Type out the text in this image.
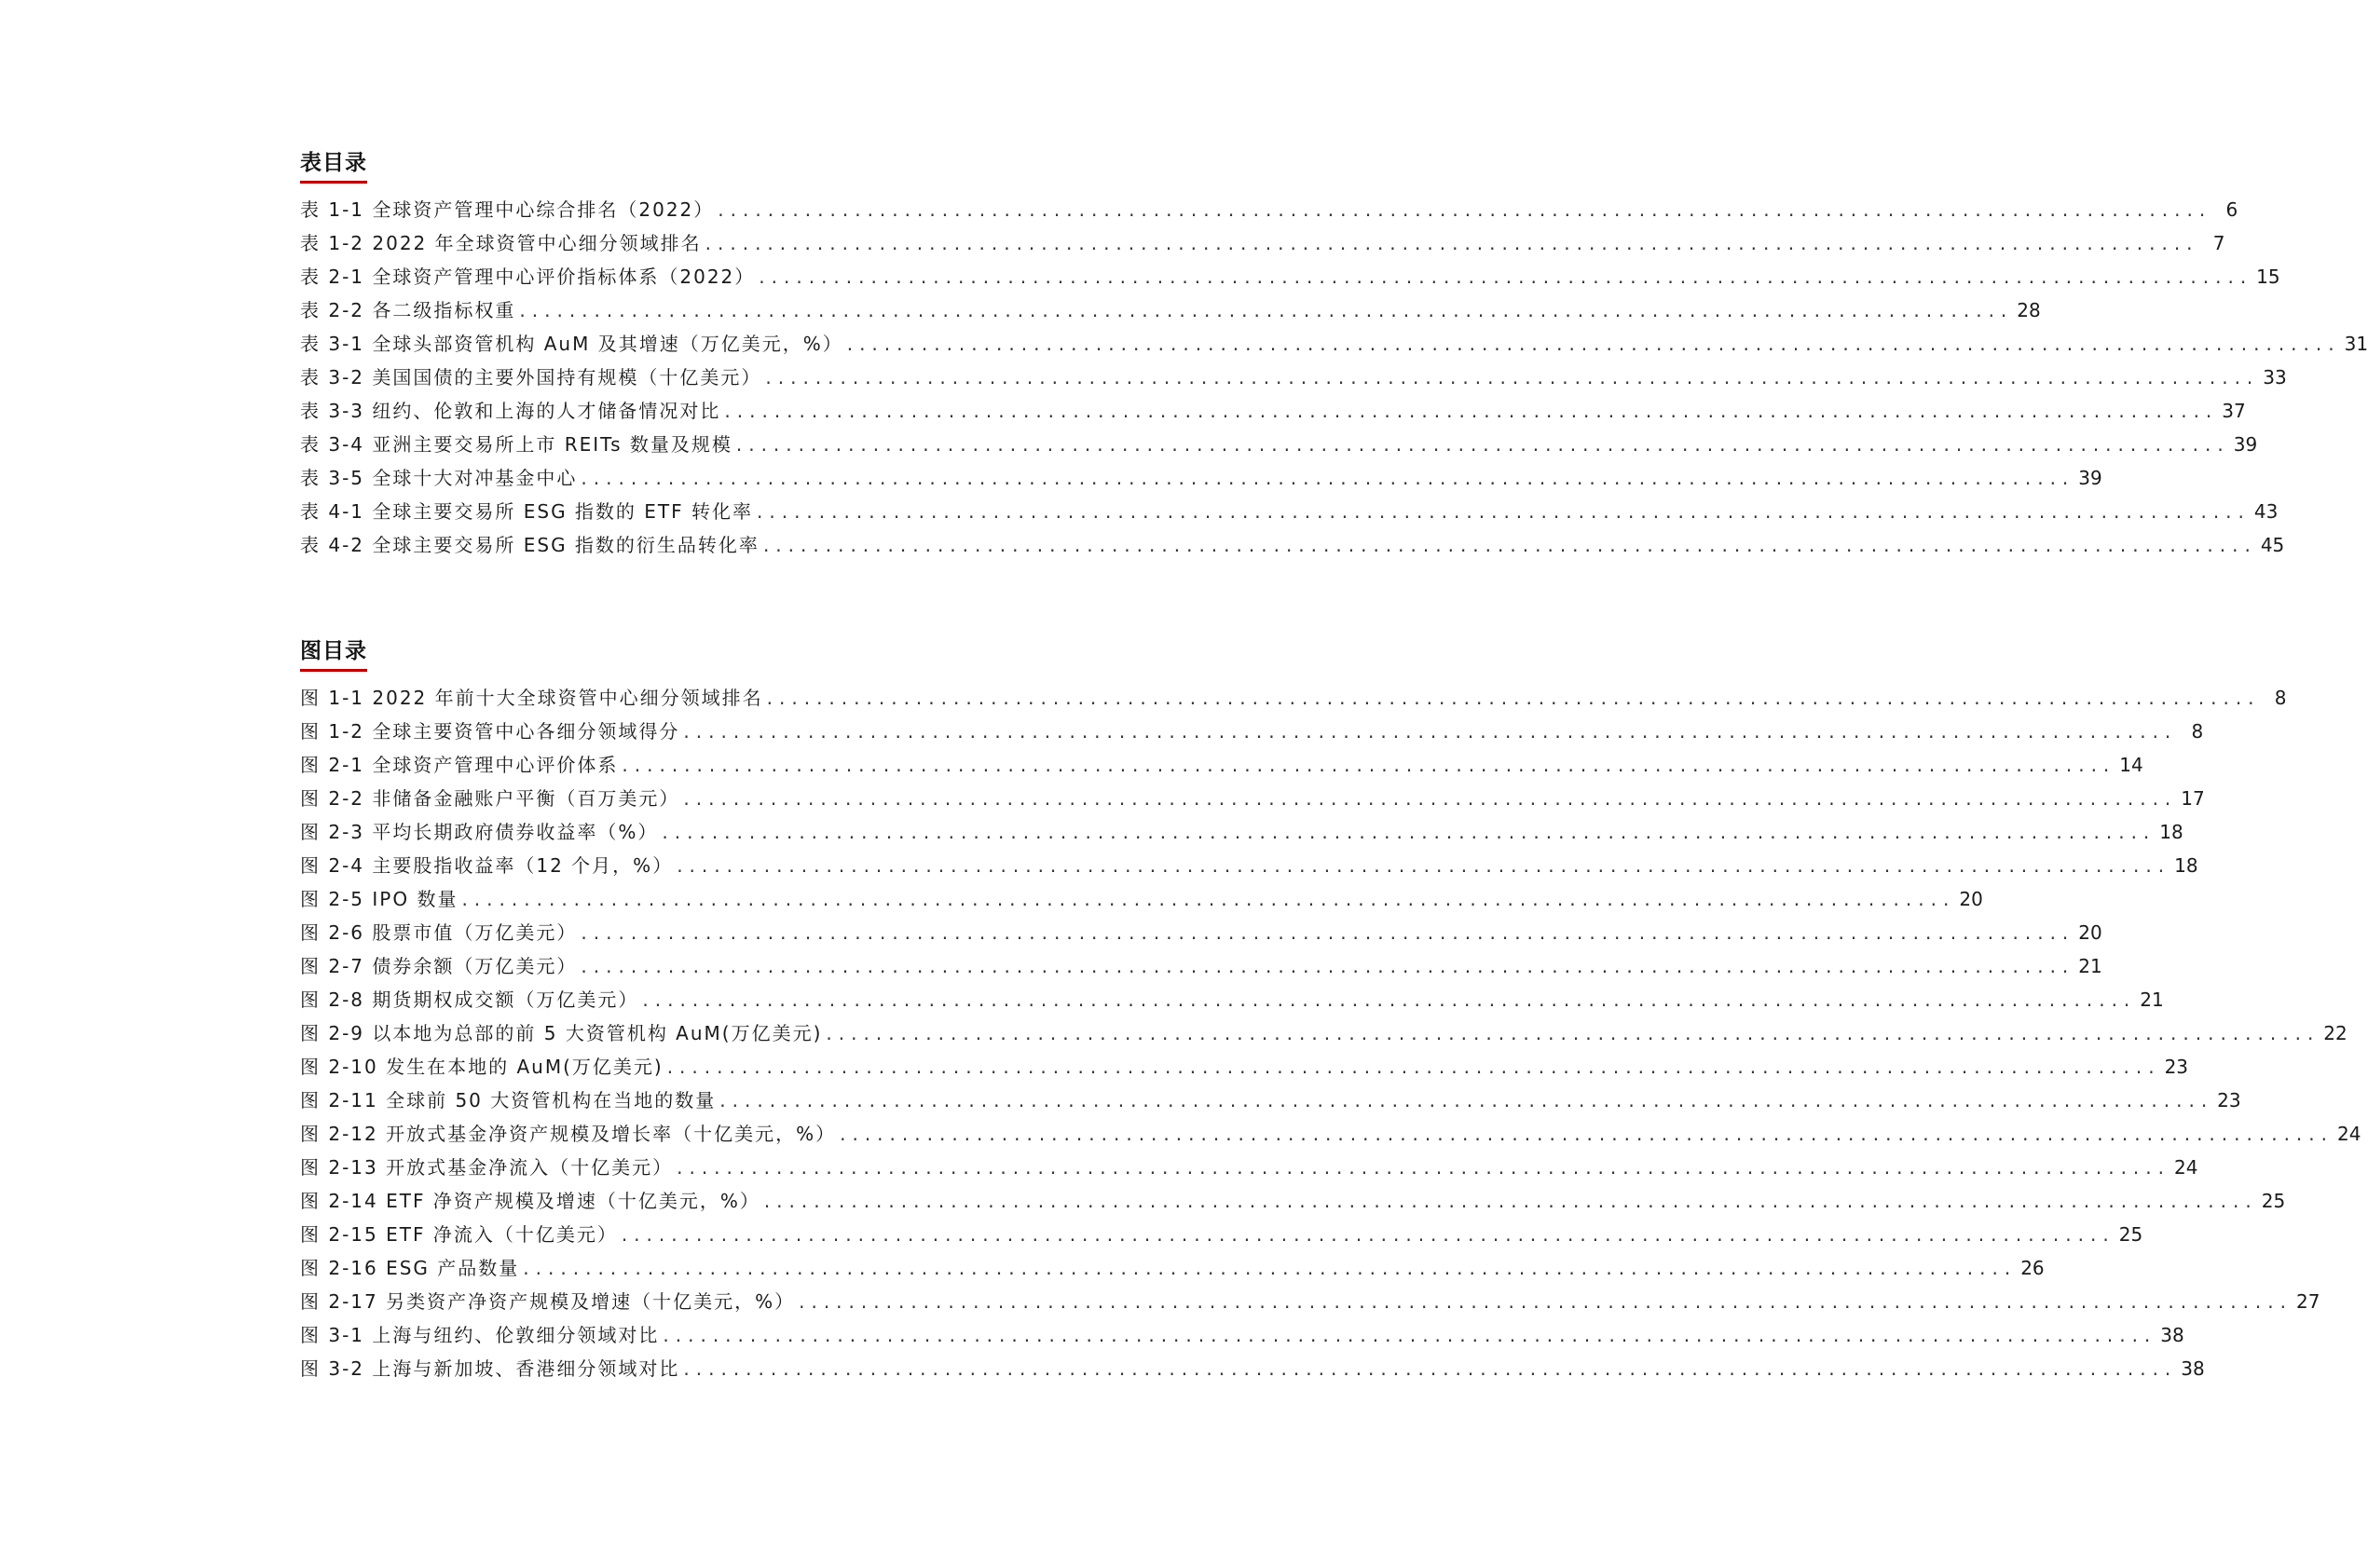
表目录
表 1-1 全球资产管理中心综合排名（2022） ........................................................................................................................ 6
表 1-2 2022 年全球资管中心细分领域排名 ........................................................................................................................ 7
表 2-1 全球资产管理中心评价指标体系（2022） ........................................................................................................................ 15
表 2-2 各二级指标权重 ........................................................................................................................ 28
表 3-1 全球头部资管机构 AuM 及其增速（万亿美元，%） ........................................................................................................................ 31
表 3-2 美国国债的主要外国持有规模（十亿美元） ........................................................................................................................ 33
表 3-3 纽约、伦敦和上海的人才储备情况对比 ........................................................................................................................ 37
表 3-4 亚洲主要交易所上市 REITs 数量及规模 ........................................................................................................................ 39
表 3-5 全球十大对冲基金中心 ........................................................................................................................ 39
表 4-1 全球主要交易所 ESG 指数的 ETF 转化率 ........................................................................................................................ 43
表 4-2 全球主要交易所 ESG 指数的衍生品转化率 ........................................................................................................................ 45
图目录
图 1-1 2022 年前十大全球资管中心细分领域排名 ........................................................................................................................ 8
图 1-2 全球主要资管中心各细分领域得分 ........................................................................................................................ 8
图 2-1 全球资产管理中心评价体系 ........................................................................................................................ 14
图 2-2 非储备金融账户平衡（百万美元） ........................................................................................................................ 17
图 2-3 平均长期政府债券收益率（%） ........................................................................................................................ 18
图 2-4 主要股指收益率（12 个月，%） ........................................................................................................................ 18
图 2-5 IPO 数量 ........................................................................................................................ 20
图 2-6 股票市值（万亿美元） ........................................................................................................................ 20
图 2-7 债券余额（万亿美元） ........................................................................................................................ 21
图 2-8 期货期权成交额（万亿美元） ........................................................................................................................ 21
图 2-9 以本地为总部的前 5 大资管机构 AuM(万亿美元) ........................................................................................................................ 22
图 2-10 发生在本地的 AuM(万亿美元) ........................................................................................................................ 23
图 2-11 全球前 50 大资管机构在当地的数量 ........................................................................................................................ 23
图 2-12 开放式基金净资产规模及增长率（十亿美元，%） ........................................................................................................................ 24
图 2-13 开放式基金净流入（十亿美元） ........................................................................................................................ 24
图 2-14 ETF 净资产规模及增速（十亿美元，%） ........................................................................................................................ 25
图 2-15 ETF 净流入（十亿美元） ........................................................................................................................ 25
图 2-16 ESG 产品数量 ........................................................................................................................ 26
图 2-17 另类资产净资产规模及增速（十亿美元，%） ........................................................................................................................ 27
图 3-1 上海与纽约、伦敦细分领域对比 ........................................................................................................................ 38
图 3-2 上海与新加坡、香港细分领域对比 ........................................................................................................................ 38
